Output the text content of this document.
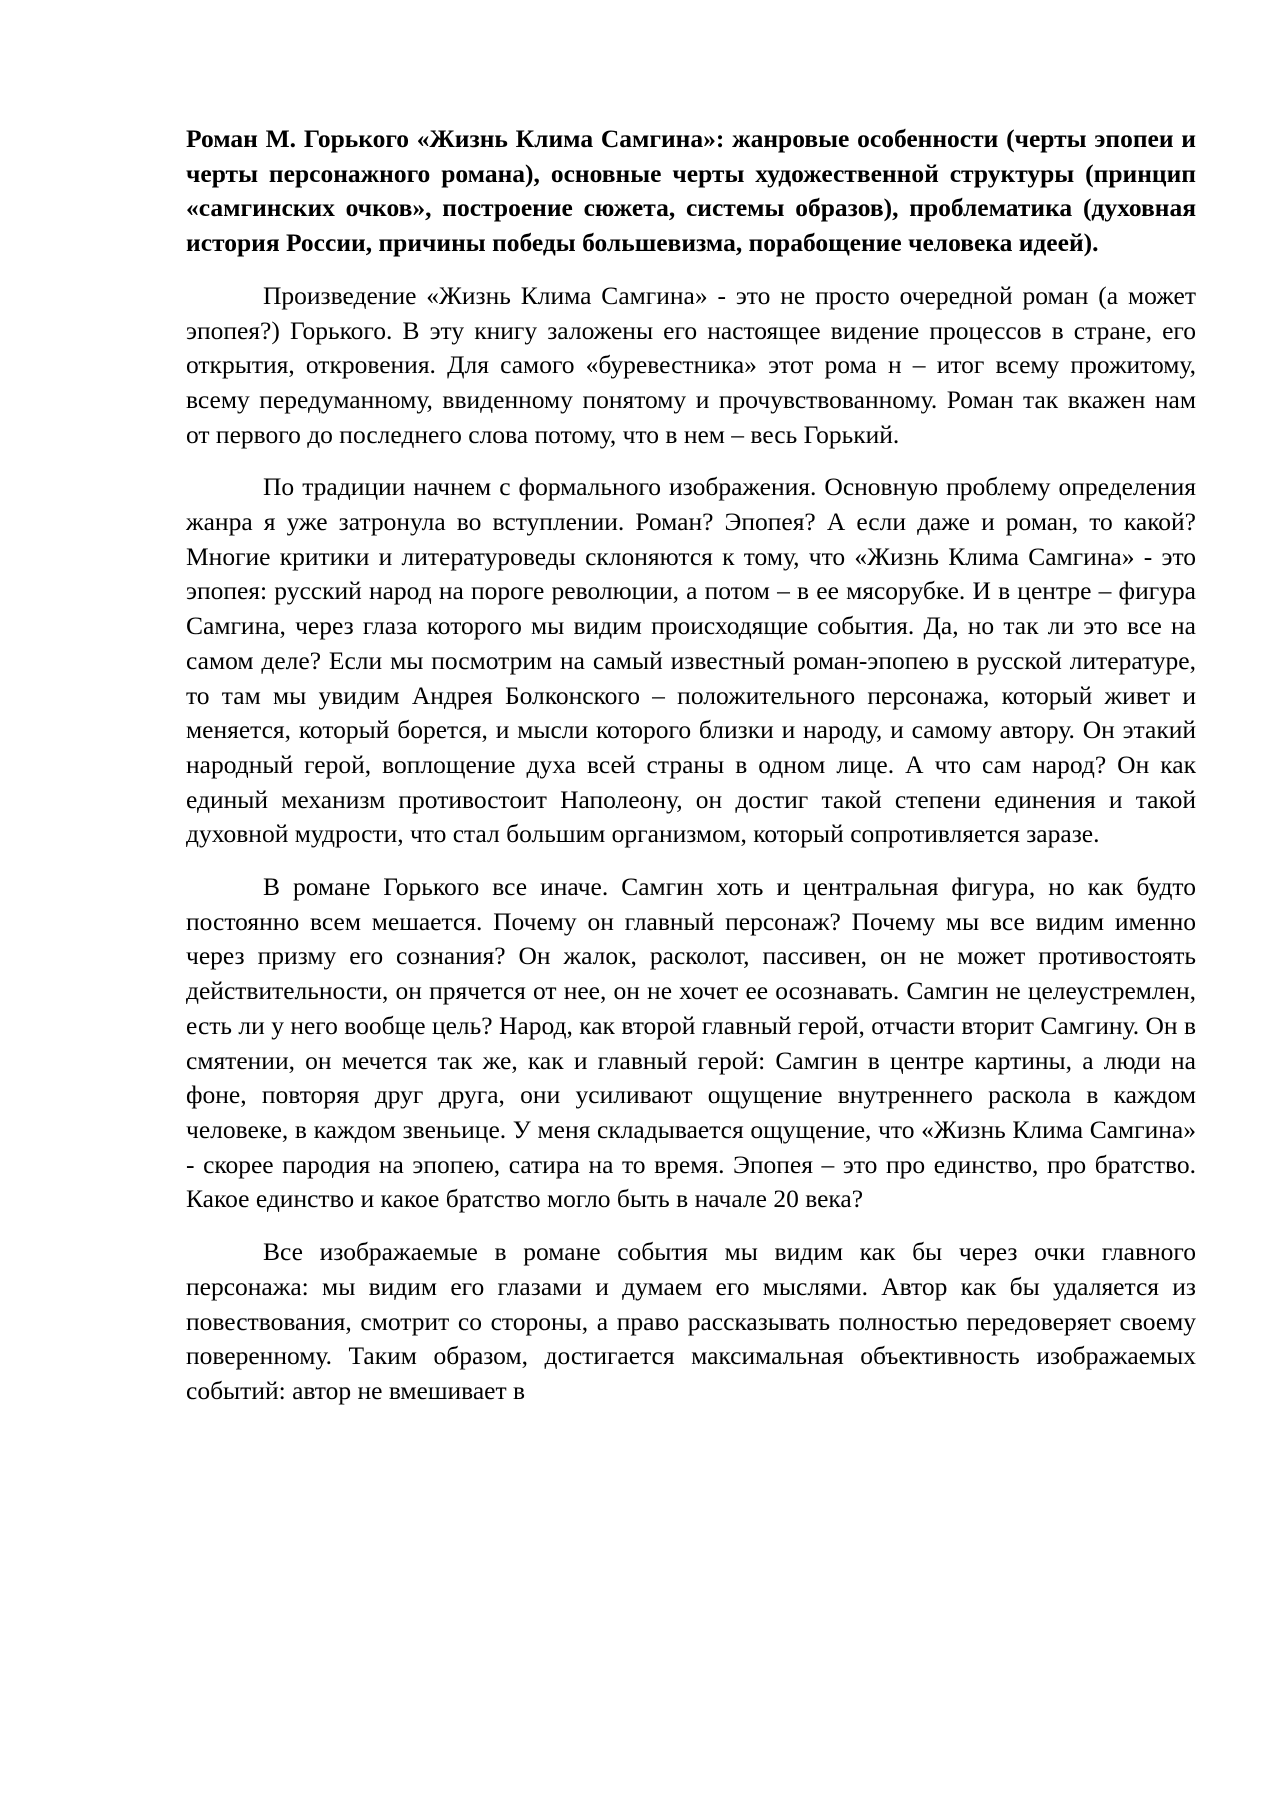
Роман М. Горького «Жизнь Клима Самгина»: жанровые особенности (черты эпопеи и черты персонажного романа), основные черты художественной структуры (принцип «самгинских очков», построение сюжета, системы образов), проблематика (духовная история России, причины победы большевизма, порабощение человека идеей).

Произведение «Жизнь Клима Самгина» - это не просто очередной роман (а может эпопея?) Горького. В эту книгу заложены его настоящее видение процессов в стране, его открытия, откровения. Для самого «буревестника» этот рома н – итог всему прожитому, всему передуманному, ввиденному понятому и прочувствованному. Роман так вкажен нам от первого до последнего слова потому, что в нем – весь Горький.

По традиции начнем с формального изображения. Основную проблему определения жанра я уже затронула во вступлении. Роман? Эпопея? А если даже и роман, то какой? Многие критики и литературоведы склоняются к тому, что «Жизнь Клима Самгина» - это эпопея: русский народ на пороге революции, а потом – в ее мясорубке. И в центре – фигура Самгина, через глаза которого мы видим происходящие события. Да, но так ли это все на самом деле? Если мы посмотрим на самый известный роман-эпопею в русской литературе, то там мы увидим Андрея Болконского – положительного персонажа, который живет и меняется, который борется, и мысли которого близки и народу, и самому автору. Он этакий народный герой, воплощение духа всей страны в одном лице. А что сам народ? Он как единый механизм противостоит Наполеону, он достиг такой степени единения и такой духовной мудрости, что стал большим организмом, который сопротивляется заразе.

В романе Горького все иначе. Самгин хоть и центральная фигура, но как будто постоянно всем мешается. Почему он главный персонаж? Почему мы все видим именно через призму его сознания? Он жалок, расколот, пассивен, он не может противостоять действительности, он прячется от нее, он не хочет ее осознавать. Самгин не целеустремлен, есть ли у него вообще цель? Народ, как второй главный герой, отчасти вторит Самгину. Он в смятении, он мечется так же, как и главный герой: Самгин в центре картины, а люди на фоне, повторяя друг друга, они усиливают ощущение внутреннего раскола в каждом человеке, в каждом звеньице. У меня складывается ощущение, что «Жизнь Клима Самгина» - скорее пародия на эпопею, сатира на то время. Эпопея – это про единство, про братство. Какое единство и какое братство могло быть в начале 20 века?

Все изображаемые в романе события мы видим как бы через очки главного персонажа: мы видим его глазами и думаем его мыслями. Автор как бы удаляется из повествования, смотрит со стороны, а право рассказывать полностью передоверяет своему поверенному. Таким образом, достигается максимальная объективность изображаемых событий: автор не вмешивает в
